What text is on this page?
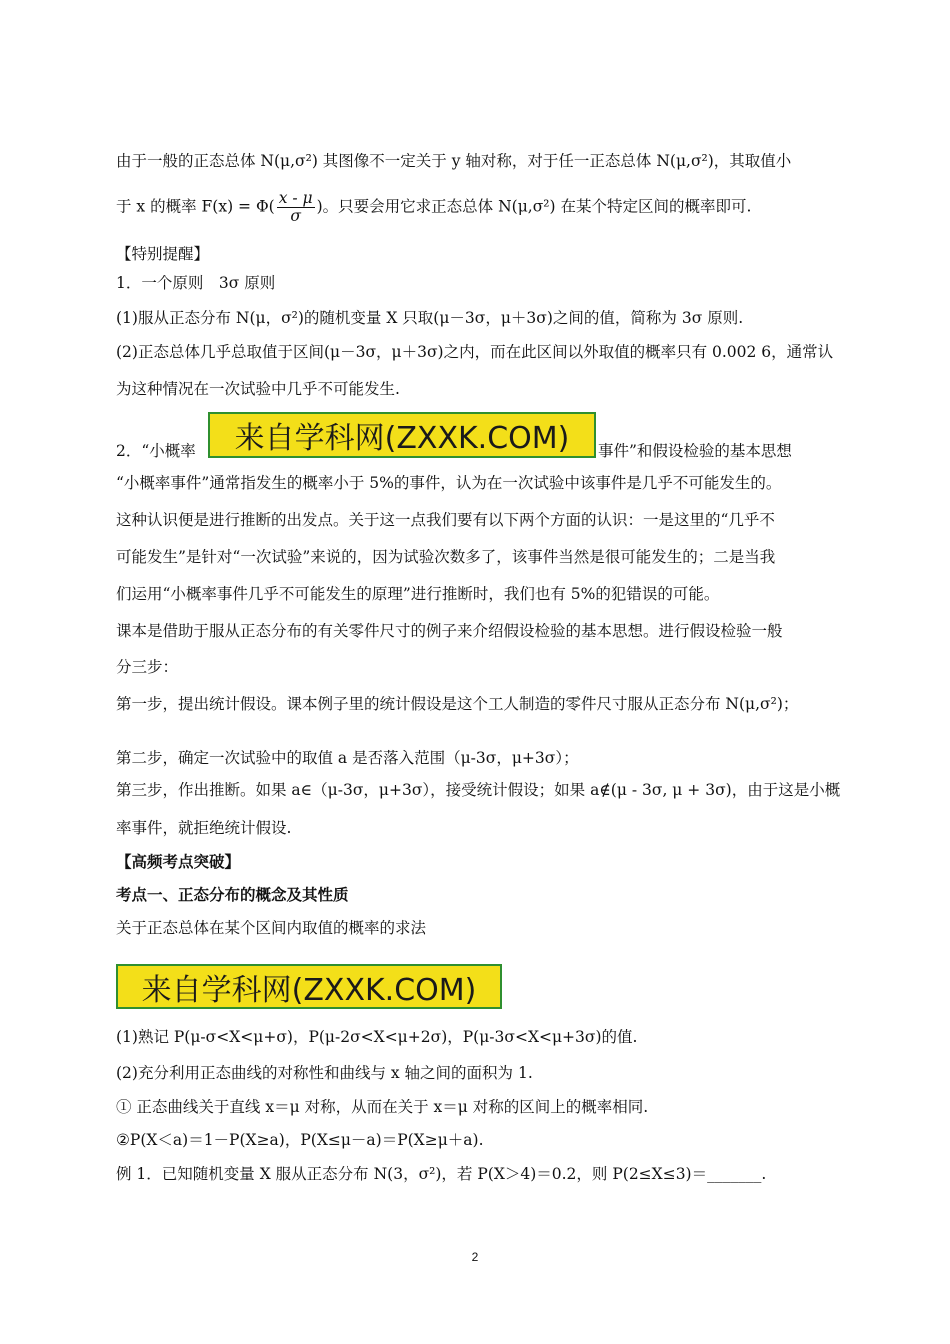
由于一般的正态总体 N(μ,σ²) 其图像不一定关于 y 轴对称，对于任一正态总体 N(μ,σ²)，其取值小
于 x 的概率 $F(x) = \Phi( \frac{x - \mu}{\sigma}$ )。只要会用它求正态总体 N(μ,σ²) 在某个特定区间的概率即可.
【特别提醒】
1．一个原则　3σ 原则
(1)服从正态分布 N(μ，σ²)的随机变量 X 只取(μ－3σ，μ＋3σ)之间的值，简称为 3σ 原则.
(2)正态总体几乎总取值于区间(μ－3σ，μ＋3σ)之内，而在此区间以外取值的概率只有 0.002 6，通常认
为这种情况在一次试验中几乎不可能发生.
2．“小概率	来自学科网(ZXXK.COM)	事件”和假设检验的基本思想
“小概率事件”通常指发生的概率小于 5%的事件，认为在一次试验中该事件是几乎不可能发生的。
这种认识便是进行推断的出发点。关于这一点我们要有以下两个方面的认识：一是这里的“几乎不
可能发生”是针对“一次试验”来说的，因为试验次数多了，该事件当然是很可能发生的；二是当我
们运用“小概率事件几乎不可能发生的原理”进行推断时，我们也有 5%的犯错误的可能。
课本是借助于服从正态分布的有关零件尺寸的例子来介绍假设检验的基本思想。进行假设检验一般
分三步：
第一步，提出统计假设。课本例子里的统计假设是这个工人制造的零件尺寸服从正态分布 N(μ,σ²)；
第二步，确定一次试验中的取值 a 是否落入范围（μ-3σ，μ+3σ）；
第三步，作出推断。如果 a∈（μ-3σ，μ+3σ），接受统计假设；如果 a∉(μ - 3σ, μ + 3σ)，由于这是小概
率事件，就拒绝统计假设.
【高频考点突破】
考点一、正态分布的概念及其性质
关于正态总体在某个区间内取值的概率的求法
来自学科网(ZXXK.COM)
(1)熟记 P(μ-σ<X<μ+σ)，P(μ-2σ<X<μ+2σ)，P(μ-3σ<X<μ+3σ)的值.
(2)充分利用正态曲线的对称性和曲线与 x 轴之间的面积为 1.
① 正态曲线关于直线 x＝μ 对称，从而在关于 x＝μ 对称的区间上的概率相同.
②P(X＜a)＝1－P(X≥a)，P(X≤μ－a)＝P(X≥μ＋a).
例 1．已知随机变量 X 服从正态分布 N(3，σ²)，若 P(X＞4)＝0.2，则 P(2≤X≤3)＝_______.
2
